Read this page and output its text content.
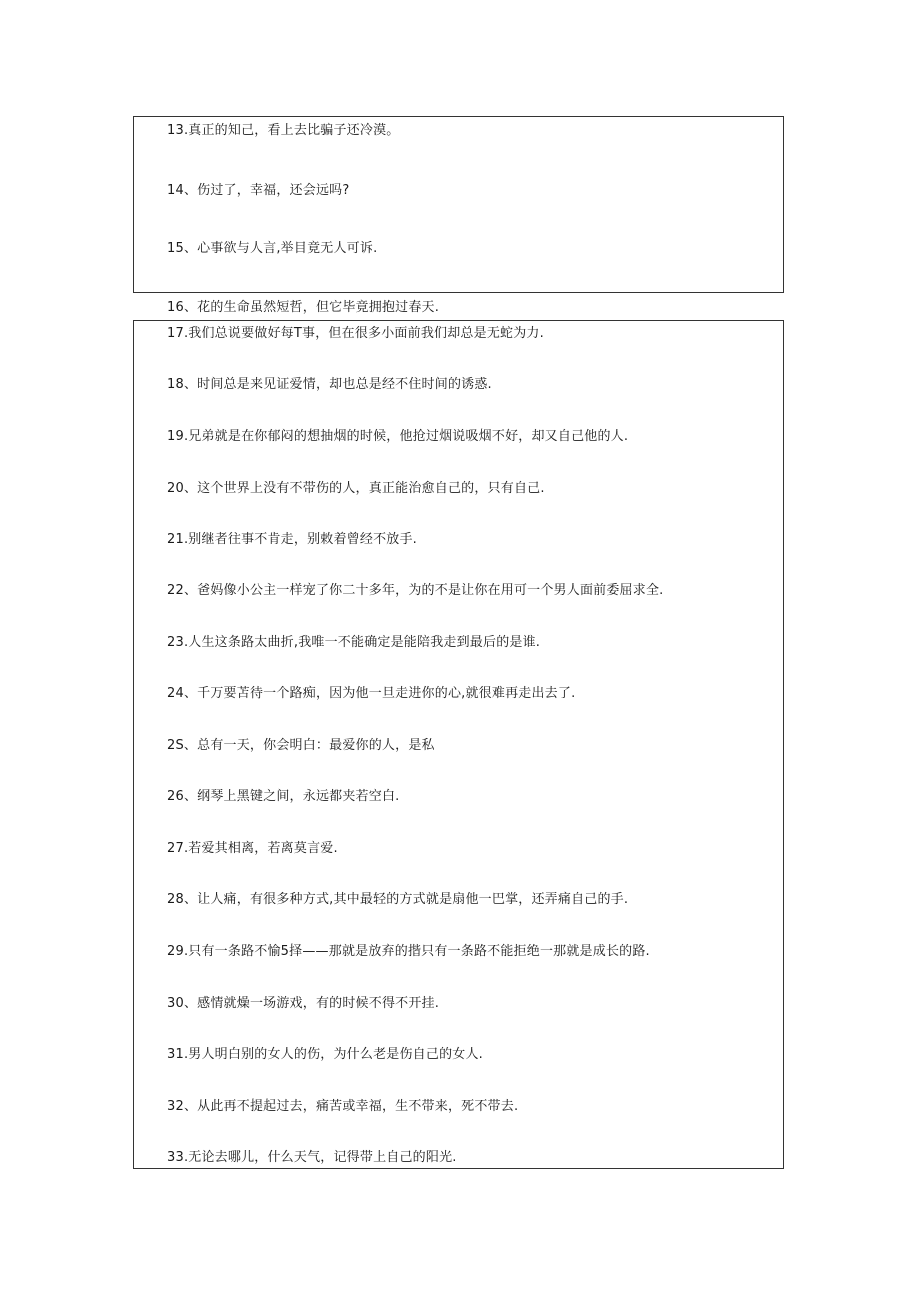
13.真正的知己，看上去比骗子还冷漠。
14、伤过了，幸福，还会远吗?
15、心事欲与人言,举目竟无人可诉.
16、花的生命虽然短哲，但它毕竟拥抱过春天.
17.我们总说要做好每T事，但在很多小面前我们却总是无蛇为力.
18、时间总是来见证爱情，却也总是经不住时间的诱惑.
19.兄弟就是在你郁闷的想抽烟的时候，他抢过烟说吸烟不好，却又自己他的人.
20、这个世界上没有不带伤的人，真正能治愈自己的，只有自己.
21.别继者往事不肯走，别敕着曾经不放手.
22、爸妈像小公主一样宠了你二十多年，为的不是让你在用可一个男人面前委屈求全.
23.人生这条路太曲折,我唯一不能确定是能陪我走到最后的是谁.
24、千万要苫待一个路痴，因为他一旦走进你的心,就很难再走出去了.
2S、总有一天，你会明白：最爱你的人，是私
26、纲琴上黑键之间，永远都夹若空白.
27.若爱其相离，若离莫言爱.
28、让人痛，有很多种方式,其中最轻的方式就是扇他一巴掌，还弄痛自己的手.
29.只有一条路不愉5择——那就是放弃的揩只有一条路不能拒绝一那就是成长的路.
30、感情就燥一场游戏，有的时候不得不开挂.
31.男人明白别的女人的伤，为什么老是伤自己的女人.
32、从此再不提起过去，痛苦或幸福，生不带来，死不带去.
33.无论去哪儿，什么天气，记得带上自己的阳光.
